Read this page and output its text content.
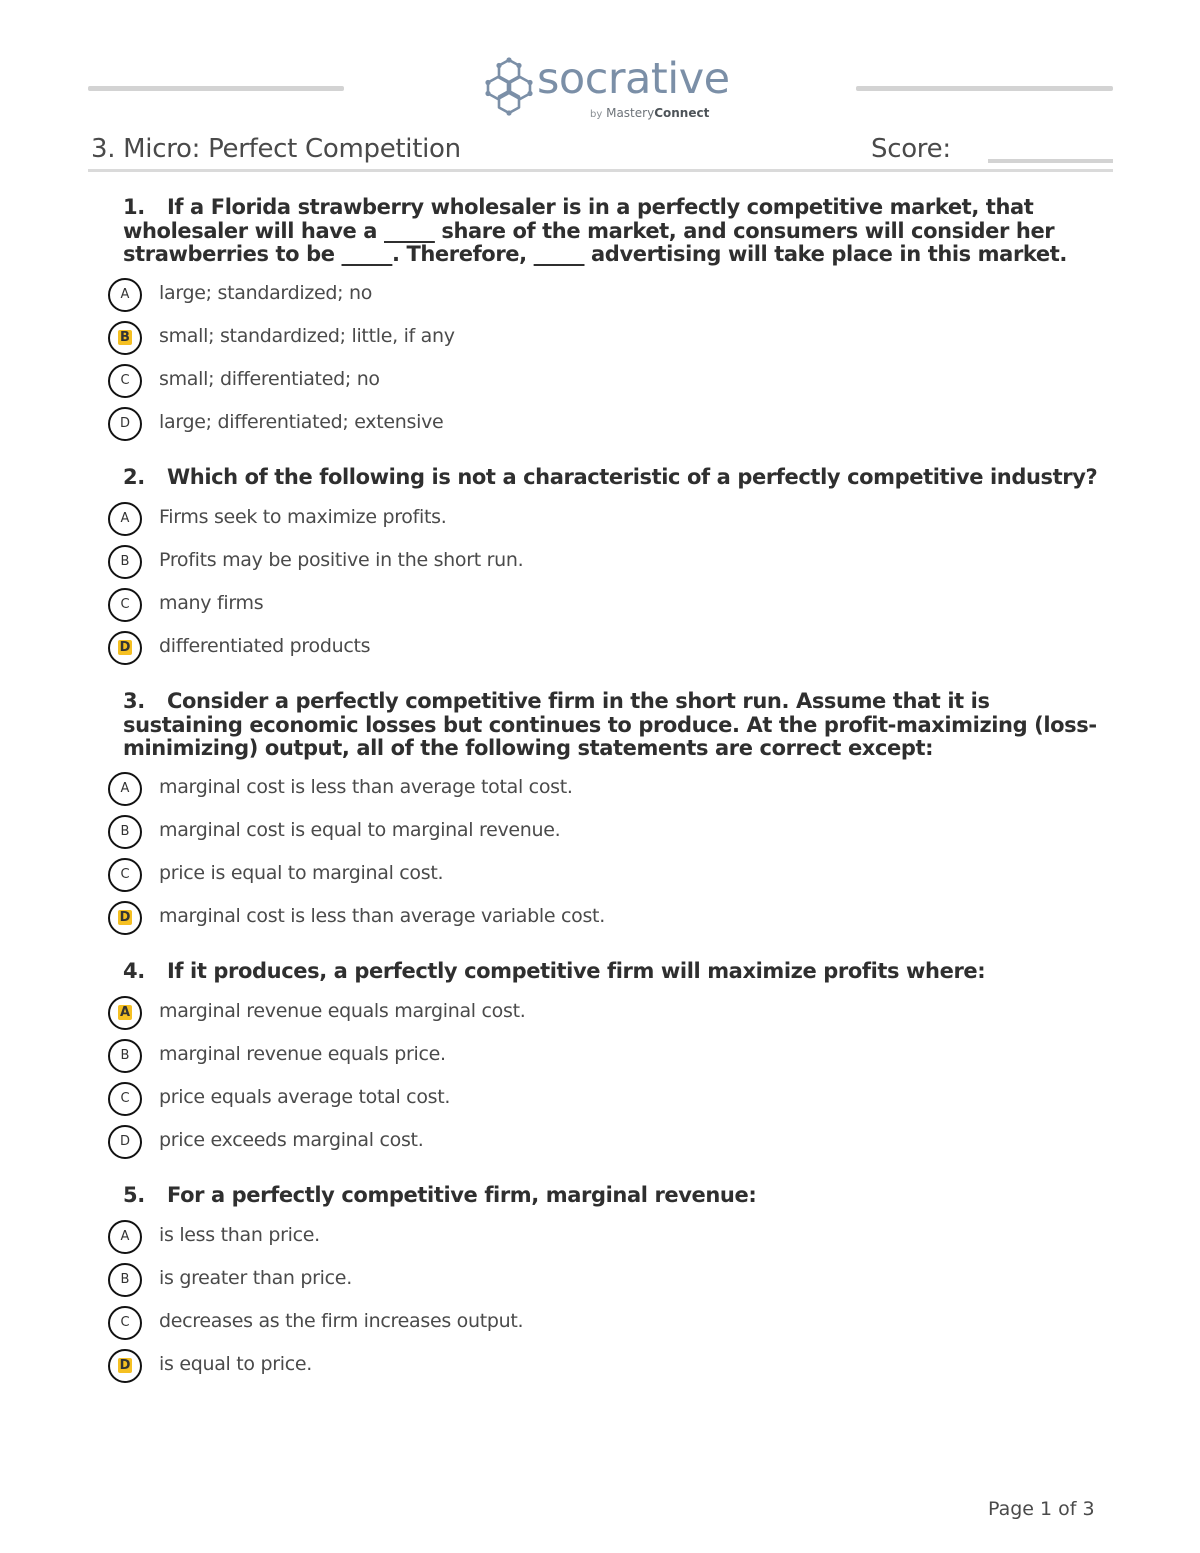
socrative
by MasteryConnect
3. Micro: Perfect Competition	Score:

1. If a Florida strawberry wholesaler is in a perfectly competitive market, that wholesaler will have a _____ share of the market, and consumers will consider her strawberries to be _____. Therefore, _____ advertising will take place in this market.

A large; standardized; no
B small; standardized; little, if any
C small; differentiated; no
D large; differentiated; extensive

2. Which of the following is not a characteristic of a perfectly competitive industry?

A Firms seek to maximize profits.
B Profits may be positive in the short run.
C many firms
D differentiated products

3. Consider a perfectly competitive firm in the short run. Assume that it is sustaining economic losses but continues to produce. At the profit-maximizing (loss-minimizing) output, all of the following statements are correct except:

A marginal cost is less than average total cost.
B marginal cost is equal to marginal revenue.
C price is equal to marginal cost.
D marginal cost is less than average variable cost.

4. If it produces, a perfectly competitive firm will maximize profits where:

A marginal revenue equals marginal cost.
B marginal revenue equals price.
C price equals average total cost.
D price exceeds marginal cost.

5. For a perfectly competitive firm, marginal revenue:

A is less than price.
B is greater than price.
C decreases as the firm increases output.
D is equal to price.
Page 1 of 3
